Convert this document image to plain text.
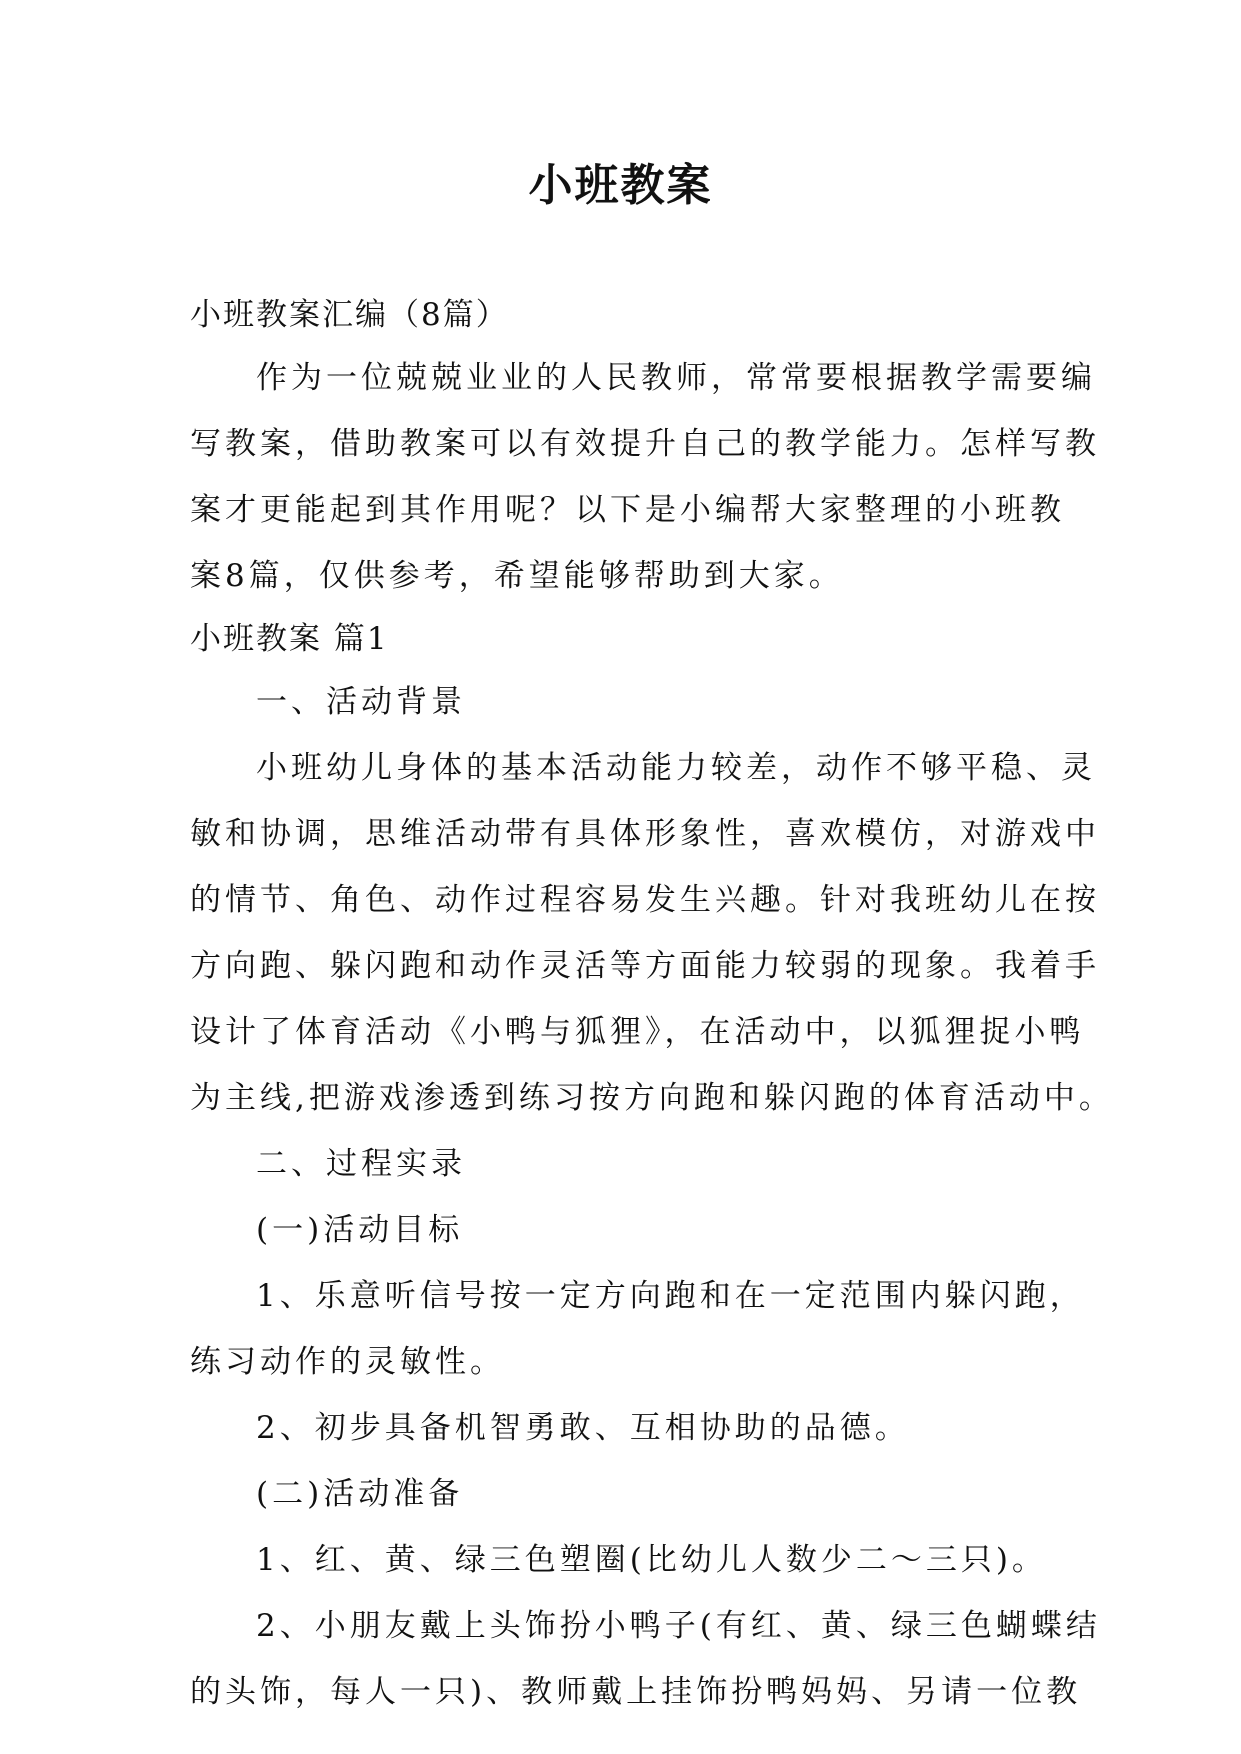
小班教案
小班教案汇编（8篇）
作为一位兢兢业业的人民教师，常常要根据教学需要编
写教案，借助教案可以有效提升自己的教学能力。怎样写教
案才更能起到其作用呢？以下是小编帮大家整理的小班教
案8篇，仅供参考，希望能够帮助到大家。
小班教案 篇1
一、活动背景
小班幼儿身体的基本活动能力较差，动作不够平稳、灵
敏和协调，思维活动带有具体形象性，喜欢模仿，对游戏中
的情节、角色、动作过程容易发生兴趣。针对我班幼儿在按
方向跑、躲闪跑和动作灵活等方面能力较弱的现象。我着手
设计了体育活动《小鸭与狐狸》，在活动中，以狐狸捉小鸭
为主线,把游戏渗透到练习按方向跑和躲闪跑的体育活动中。
二、过程实录
(一)活动目标
1、乐意听信号按一定方向跑和在一定范围内躲闪跑，
练习动作的灵敏性。
2、初步具备机智勇敢、互相协助的品德。
(二)活动准备
1、红、黄、绿三色塑圈(比幼儿人数少二～三只)。
2、小朋友戴上头饰扮小鸭子(有红、黄、绿三色蝴蝶结
的头饰，每人一只)、教师戴上挂饰扮鸭妈妈、另请一位教
